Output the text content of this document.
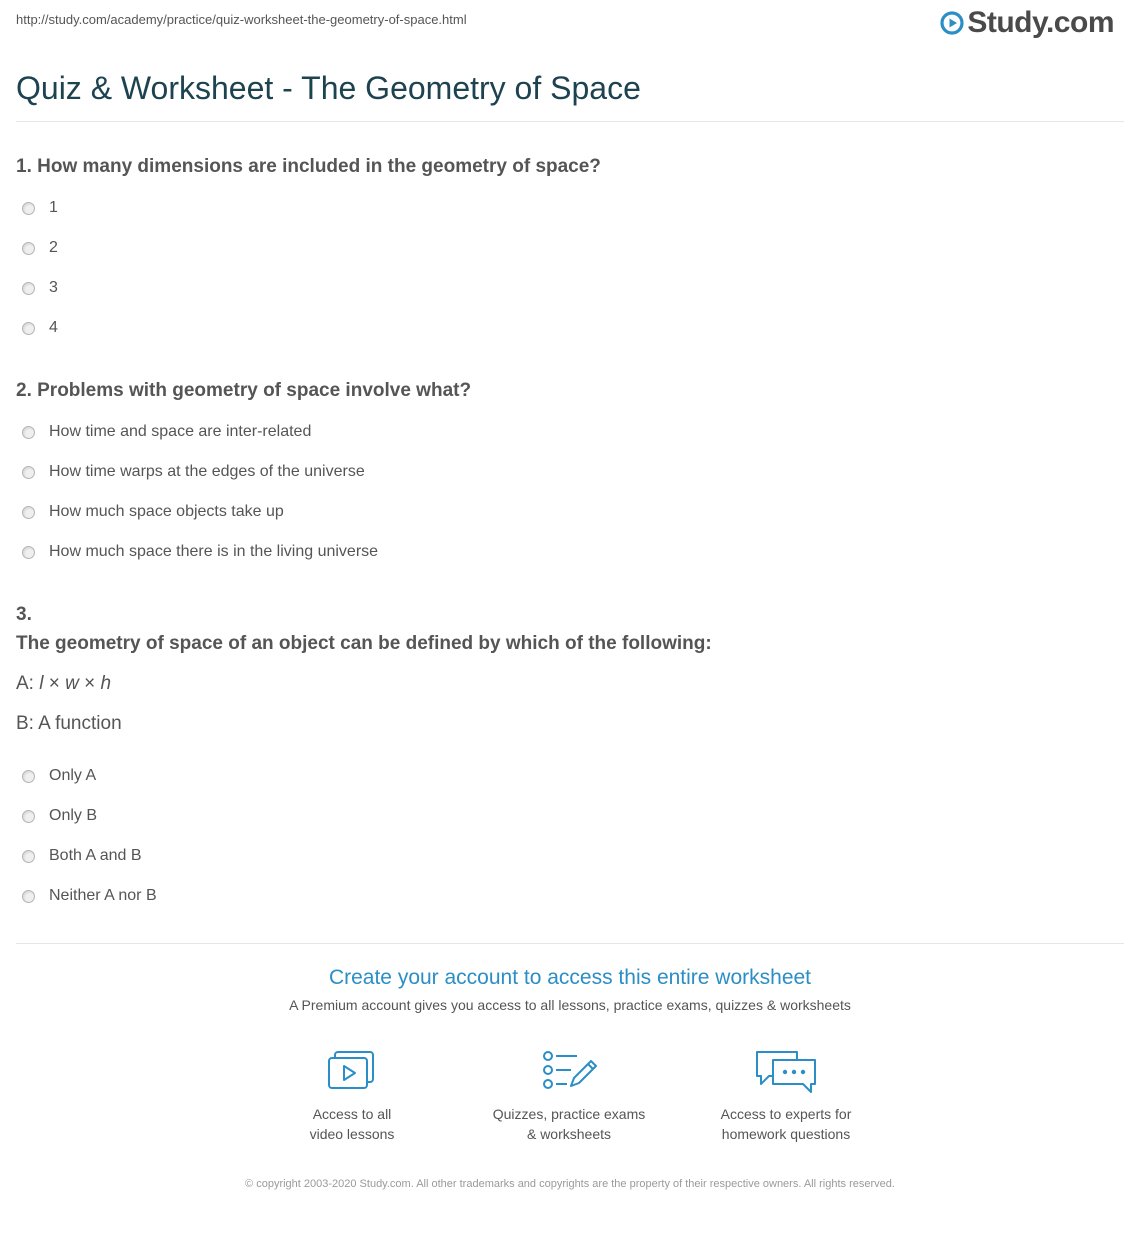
http://study.com/academy/practice/quiz-worksheet-the-geometry-of-space.html	Study.com
Quiz & Worksheet - The Geometry of Space
1. How many dimensions are included in the geometry of space?
1
2
3
4
2. Problems with geometry of space involve what?
How time and space are inter-related
How time warps at the edges of the universe
How much space objects take up
How much space there is in the living universe
3.
The geometry of space of an object can be defined by which of the following:
A: l × w × h
B: A function
Only A
Only B
Both A and B
Neither A nor B
Create your account to access this entire worksheet
A Premium account gives you access to all lessons, practice exams, quizzes & worksheets
Access to all
video lessons
Quizzes, practice exams
& worksheets
Access to experts for
homework questions
© copyright 2003-2020 Study.com. All other trademarks and copyrights are the property of their respective owners. All rights reserved.
